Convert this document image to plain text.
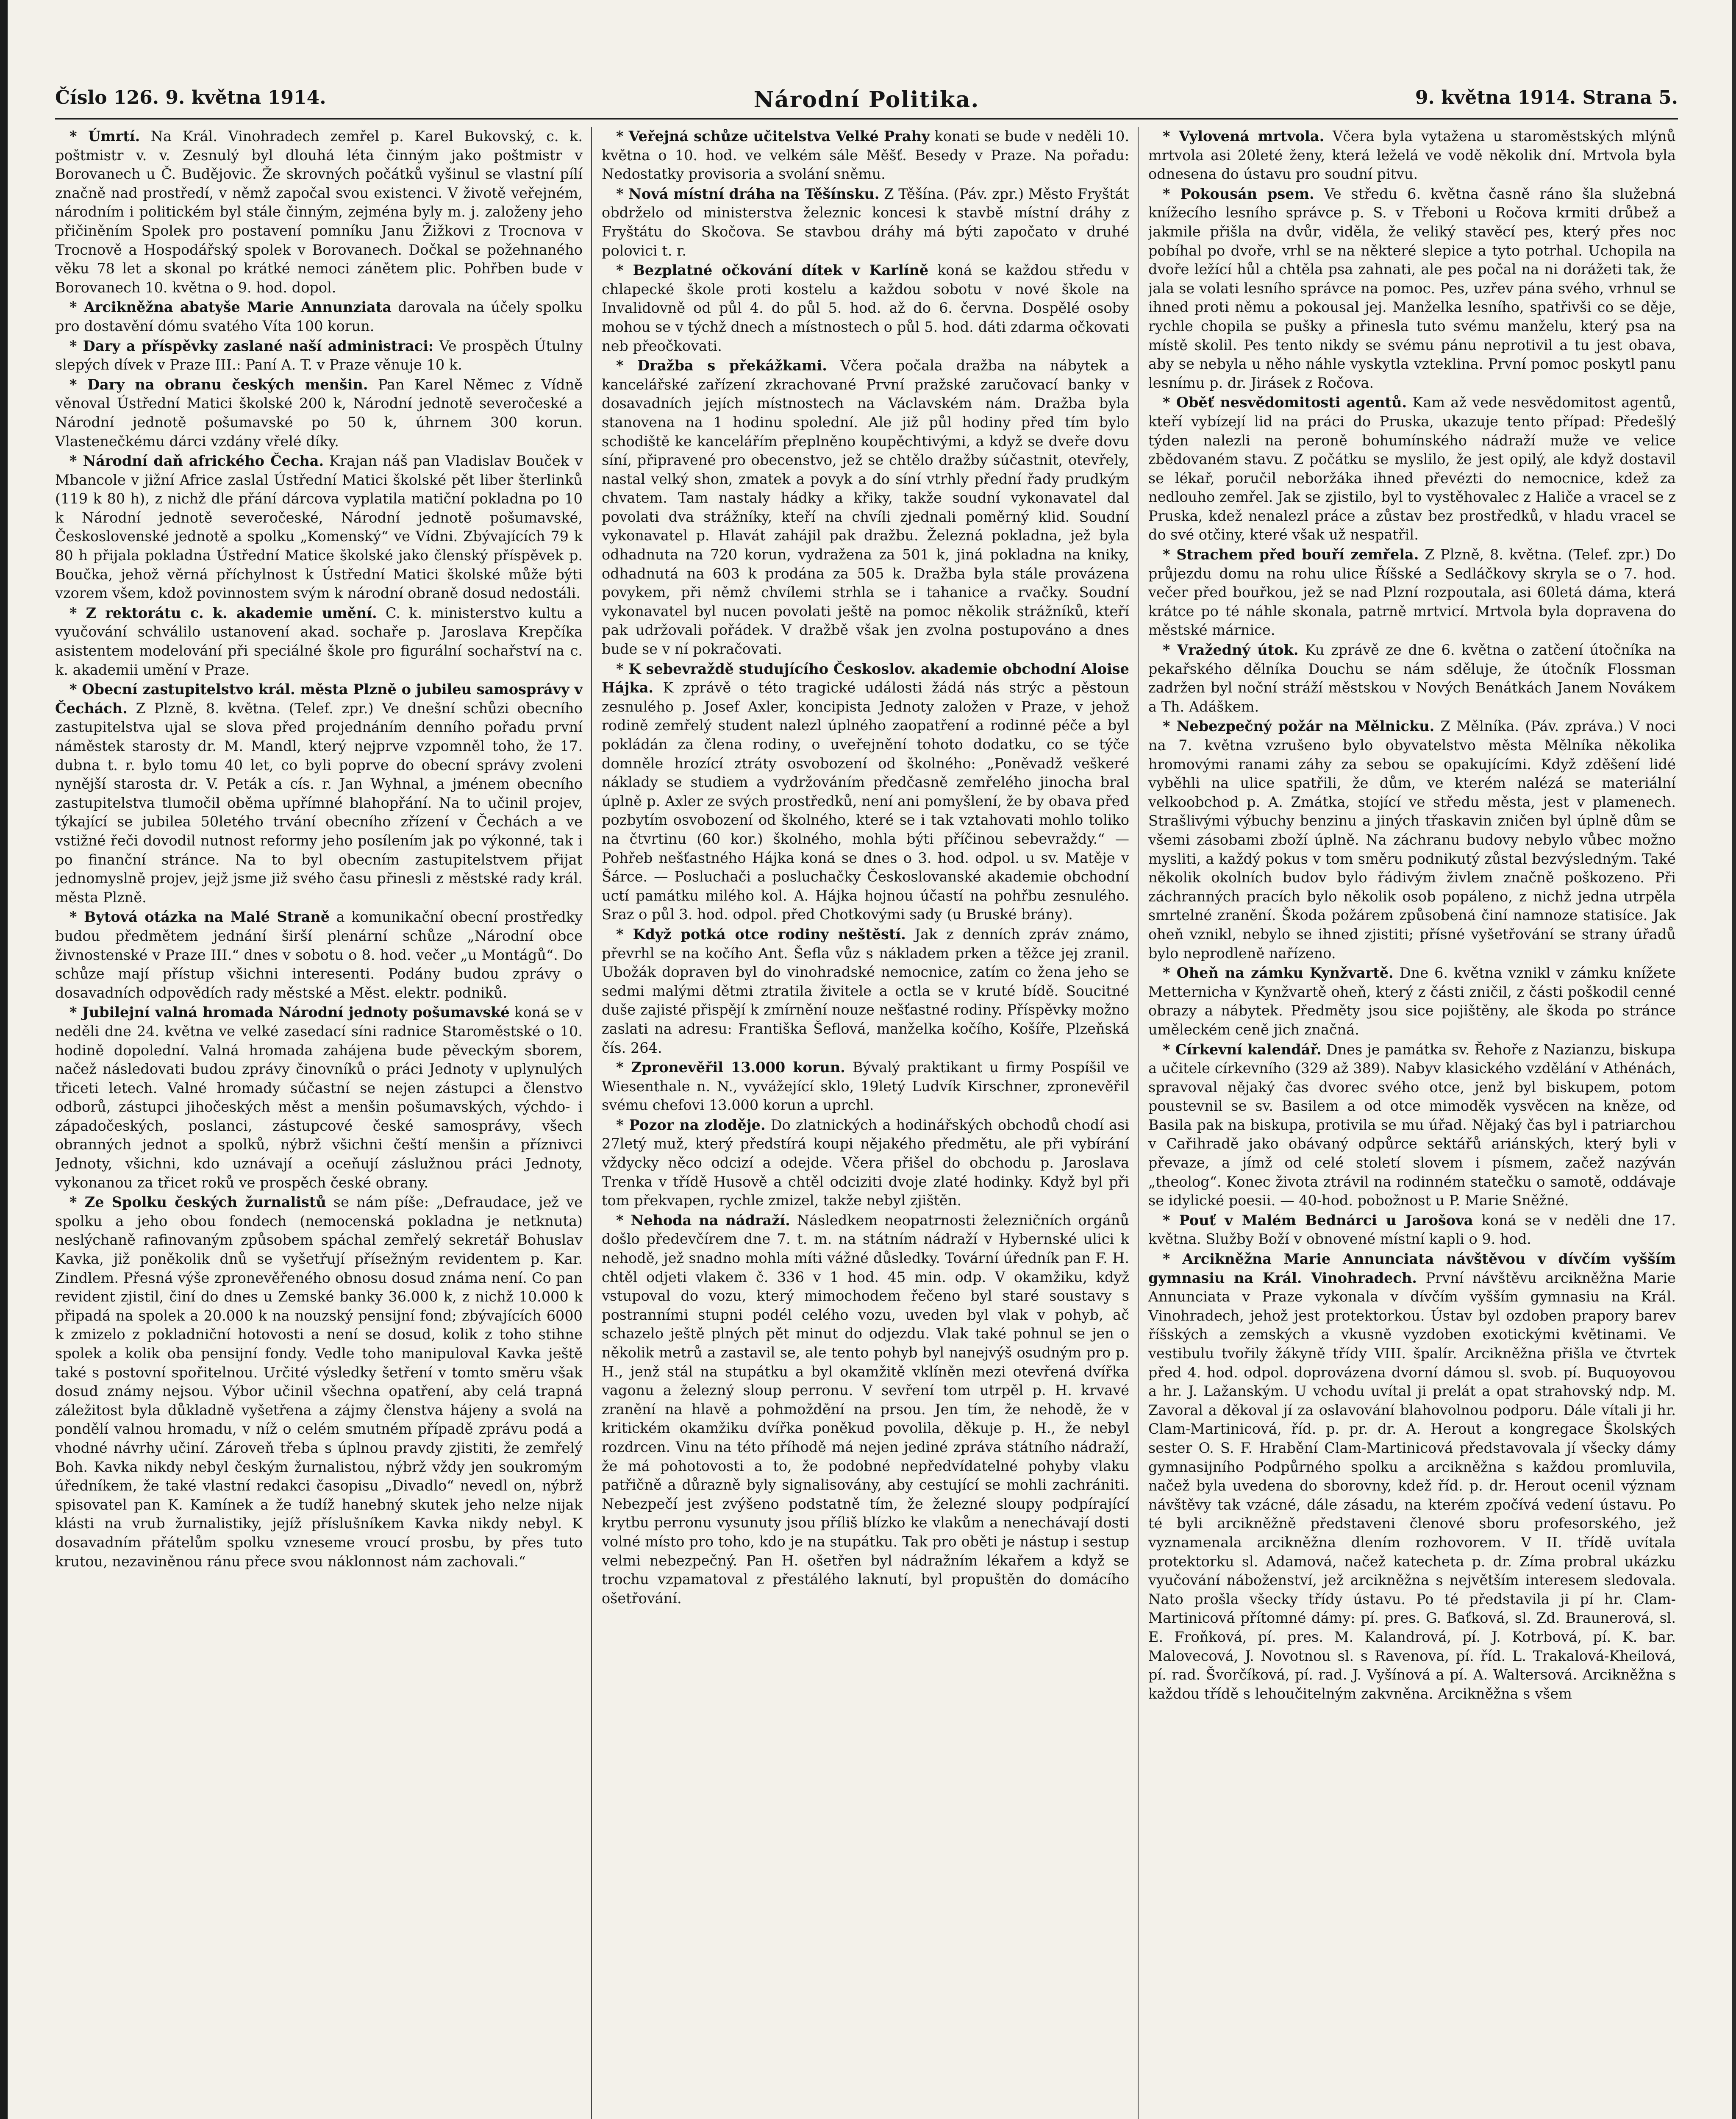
Národní Politika.
Číslo 126. 9. května 1914.	9. května 1914. Strana 5.

* Úmrtí. Na Král. Vinohradech zemřel p. Karel Bukovský, c. k. poštmistr v. v. Zesnulý byl dlouhá léta činným jako poštmistr v Borovanech u Č. Budějovic. Že skrovných počátků vyšinul se vlastní pílí značně nad prostředí, v němž započal svou existenci. V životě veřejném, národním i politickém byl stále činným, zejména byly m. j. založeny jeho přičiněním Spolek pro postavení pomníku Janu Žižkovi z Trocnova v Trocnově a Hospodářský spolek v Borovanech. Dočkal se požehnaného věku 78 let a skonal po krátké nemoci zánětem plic. Pohřben bude v Borovanech 10. května o 9. hod. dopol.

* Arcikněžna abatyše Marie Annunziata darovala na účely spolku pro dostavění dómu svatého Víta 100 korun.

* Dary a příspěvky zaslané naší administraci: Ve prospěch Útulny slepých dívek v Praze III.: Paní A. T. v Praze věnuje 10 k.

* Dary na obranu českých menšin. Pan Karel Němec z Vídně věnoval Ústřední Matici školské 200 k, Národní jednotě severočeské a Národní jednotě pošumavské po 50 k, úhrnem 300 korun. Vlastenečkému dárci vzdány vřelé díky.

* Národní daň afrického Čecha. Krajan náš pan Vladislav Bouček v Mbancole v jižní Africe zaslal Ústřední Matici školské pět liber šterlinků (119 k 80 h), z nichž dle přání dárcova vyplatila matiční pokladna po 10 k Národní jednotě severočeské, Národní jednotě pošumavské, Československé jednotě a spolku „Komenský“ ve Vídni. Zbývajících 79 k 80 h přijala pokladna Ústřední Matice školské jako členský příspěvek p. Boučka, jehož věrná příchylnost k Ústřední Matici školské může býti vzorem všem, kdož povinnostem svým k národní obraně dosud nedostáli.

* Z rektorátu c. k. akademie umění. C. k. ministerstvo kultu a vyučování schválilo ustanovení akad. sochaře p. Jaroslava Krepčíka asistentem modelování při speciálné škole pro figurální sochařství na c. k. akademii umění v Praze.

* Obecní zastupitelstvo král. města Plzně o jubileu samosprávy v Čechách. Z Plzně, 8. května. (Telef. zpr.) Ve dnešní schůzi obecního zastupitelstva ujal se slova před projednáním denního pořadu první náměstek starosty dr. M. Mandl, který nejprve vzpomněl toho, že 17. dubna t. r. bylo tomu 40 let, co byli poprve do obecní správy zvoleni nynější starosta dr. V. Peták a cís. r. Jan Wyhnal, a jménem obecního zastupitelstva tlumočil oběma upřímné blahopřání. Na to učinil projev, týkající se jubilea 50letého trvání obecního zřízení v Čechách a ve vstižné řeči dovodil nutnost reformy jeho posílením jak po výkonné, tak i po finanční stránce. Na to byl obecním zastupitelstvem přijat jednomyslně projev, jejž jsme již svého času přinesli z městské rady král. města Plzně.

* Bytová otázka na Malé Straně a komunikační obecní prostředky budou předmětem jednání širší plenární schůze „Národní obce živnostenské v Praze III.“ dnes v sobotu o 8. hod. večer „u Montágů“. Do schůze mají přístup všichni interesenti. Podány budou zprávy o dosavadních odpovědích rady městské a Měst. elektr. podniků.

* Jubilejní valná hromada Národní jednoty pošumavské koná se v neděli dne 24. května ve velké zasedací síni radnice Staroměstské o 10. hodině dopolední. Valná hromada zahájena bude pěveckým sborem, načež následovati budou zprávy činovníků o práci Jednoty v uplynulých třiceti letech. Valné hromady súčastní se nejen zástupci a členstvo odborů, zástupci jihočeských měst a menšin pošumavských, výchdo- i západočeských, poslanci, zástupcové české samosprávy, všech obranných jednot a spolků, nýbrž všichni čeští menšin a příznivci Jednoty, všichni, kdo uznávají a oceňují záslužnou práci Jednoty, vykonanou za třicet roků ve prospěch české obrany.

* Ze Spolku českých žurnalistů se nám píše: „Defraudace, jež ve spolku a jeho obou fondech (nemocenská pokladna je netknuta) neslýchaně rafinovaným způsobem spáchal zemřelý sekretář Bohuslav Kavka, již poněkolik dnů se vyšetřují přísežným revidentem p. Kar. Zindlem. Přesná výše zpronevěřeného obnosu dosud známa není. Co pan revident zjistil, činí do dnes u Zemské banky 36.000 k, z nichž 10.000 k připadá na spolek a 20.000 k na nouzský pensijní fond; zbývajících 6000 k zmizelo z pokladniční hotovosti a není se dosud, kolik z toho stihne spolek a kolik oba pensijní fondy. Vedle toho manipuloval Kavka ještě také s postovní spořitelnou. Určité výsledky šetření v tomto směru však dosud známy nejsou. Výbor učinil všechna opatření, aby celá trapná záležitost byla důkladně vyšetřena a zájmy členstva hájeny a svolá na pondělí valnou hromadu, v níž o celém smutném případě zprávu podá a vhodné návrhy učiní. Zároveň třeba s úplnou pravdy zjistiti, že zemřelý Boh. Kavka nikdy nebyl českým žurnalistou, nýbrž vždy jen soukromým úředníkem, že také vlastní redakci časopisu „Divadlo“ nevedl on, nýbrž spisovatel pan K. Kamínek a že tudíž hanebný skutek jeho nelze nijak klásti na vrub žurnalistiky, jejíž příslušníkem Kavka nikdy nebyl. K dosavadním přátelům spolku vzneseme vroucí prosbu, by přes tuto krutou, nezaviněnou ránu přece svou náklonnost nám zachovali.“

* Veřejná schůze učitelstva Velké Prahy konati se bude v neděli 10. května o 10. hod. ve velkém sále Měšť. Besedy v Praze. Na pořadu: Nedostatky provisoria a svolání sněmu.

* Nová místní dráha na Těšínsku. Z Těšína. (Páv. zpr.) Město Fryštát obdrželo od ministerstva železnic koncesi k stavbě místní dráhy z Fryštátu do Skočova. Se stavbou dráhy má býti započato v druhé polovici t. r.

* Bezplatné očkování dítek v Karlíně koná se každou středu v chlapecké škole proti kostelu a každou sobotu v nové škole na Invalidovně od půl 4. do půl 5. hod. až do 6. června. Dospělé osoby mohou se v týchž dnech a místnostech o půl 5. hod. dáti zdarma očkovati neb přeočkovati.

* Dražba s překážkami. Včera počala dražba na nábytek a kancelářské zařízení zkrachované První pražské zaručovací banky v dosavadních jejích místnostech na Václavském nám. Dražba byla stanovena na 1 hodinu spolední. Ale již půl hodiny před tím bylo schodiště ke kancelářím přeplněno koupěchtivými, a když se dveře dovu síní, připravené pro obecenstvo, jež se chtělo dražby súčastnit, otevřely, nastal velký shon, zmatek a povyk a do síní vtrhly přední řady prudkým chvatem. Tam nastaly hádky a křiky, takže soudní vykonavatel dal povolati dva strážníky, kteří na chvíli zjednali poměrný klid. Soudní vykonavatel p. Hlavát zahájil pak dražbu. Železná pokladna, jež byla odhadnuta na 720 korun, vydražena za 501 k, jiná pokladna na kniky, odhadnutá na 603 k prodána za 505 k. Dražba byla stále provázena povykem, při němž chvílemi strhla se i tahanice a rvačky. Soudní vykonavatel byl nucen povolati ještě na pomoc několik strážníků, kteří pak udržovali pořádek. V dražbě však jen zvolna postupováno a dnes bude se v ní pokračovati.

* K sebevraždě studujícího Českoslov. akademie obchodní Aloise Hájka. K zprávě o této tragické události žádá nás strýc a pěstoun zesnulého p. Josef Axler, koncipista Jednoty založen v Praze, v jehož rodině zemřelý student nalezl úplného zaopatření a rodinné péče a byl pokládán za člena rodiny, o uveřejnění tohoto dodatku, co se týče domněle hrozící ztráty osvobození od školného: „Poněvadž veškeré náklady se studiem a vydržováním předčasně zemřelého jinocha bral úplně p. Axler ze svých prostředků, není ani pomyšlení, že by obava před pozbytím osvobození od školného, které se i tak vztahovati mohlo toliko na čtvrtinu (60 kor.) školného, mohla býti příčinou sebevraždy.“ — Pohřeb nešťastného Hájka koná se dnes o 3. hod. odpol. u sv. Matěje v Šárce. — Posluchači a posluchačky Českoslovanské akademie obchodní uctí památku milého kol. A. Hájka hojnou účastí na pohřbu zesnulého. Sraz o půl 3. hod. odpol. před Chotkovými sady (u Bruské brány).

* Když potká otce rodiny neštěstí. Jak z denních zpráv známo, převrhl se na kočího Ant. Šefla vůz s nákladem prken a těžce jej zranil. Ubožák dopraven byl do vinohradské nemocnice, zatím co žena jeho se sedmi malými dětmi ztratila živitele a octla se v kruté bídě. Soucitné duše zajisté přispějí k zmírnění nouze nešťastné rodiny. Příspěvky možno zaslati na adresu: Františka Šeflová, manželka kočího, Košíře, Plzeňská čís. 264.

* Zpronevěřil 13.000 korun. Bývalý praktikant u firmy Pospíšil ve Wiesenthale n. N., vyvážející sklo, 19letý Ludvík Kirschner, zpronevěřil svému chefovi 13.000 korun a uprchl.

* Pozor na zloděje. Do zlatnických a hodinářských obchodů chodí asi 27letý muž, který předstírá koupi nějakého předmětu, ale při vybírání vždycky něco odcizí a odejde. Včera přišel do obchodu p. Jaroslava Trenka v třídě Husově a chtěl odciziti dvoje zlaté hodinky. Když byl při tom překvapen, rychle zmizel, takže nebyl zjištěn.

* Nehoda na nádraží. Následkem neopatrnosti železničních orgánů došlo předevčírem dne 7. t. m. na státním nádraží v Hybernské ulici k nehodě, jež snadno mohla míti vážné důsledky. Tovární úředník pan F. H. chtěl odjeti vlakem č. 336 v 1 hod. 45 min. odp. V okamžiku, když vstupoval do vozu, který mimochodem řečeno byl staré soustavy s postranními stupni podél celého vozu, uveden byl vlak v pohyb, ač schazelo ještě plných pět minut do odjezdu. Vlak také pohnul se jen o několik metrů a zastavil se, ale tento pohyb byl nanejvýš osudným pro p. H., jenž stál na stupátku a byl okamžitě vklíněn mezi otevřená dvířka vagonu a železný sloup perronu. V sevření tom utrpěl p. H. krvavé zranění na hlavě a pohmoždění na prsou. Jen tím, že nehodě, že v kritickém okamžiku dvířka poněkud povolila, děkuje p. H., že nebyl rozdrcen. Vinu na této příhodě má nejen jediné zpráva státního nádraží, že má pohotovosti a to, že podobné nepředvídatelné pohyby vlaku patřičně a důrazně byly signalisovány, aby cestující se mohli zachrániti. Nebezpečí jest zvýšeno podstatně tím, že železné sloupy podpírající krytbu perronu vysunuty jsou příliš blízko ke vlakům a nenechávají dosti volné místo pro toho, kdo je na stupátku. Tak pro oběti je nástup i sestup velmi nebezpečný. Pan H. ošetřen byl nádražním lékařem a když se trochu vzpamatoval z přestálého laknutí, byl propuštěn do domácího ošetřování.

* Vylovená mrtvola. Včera byla vytažena u staroměstských mlýnů mrtvola asi 20leté ženy, která leželá ve vodě několik dní. Mrtvola byla odnesena do ústavu pro soudní pitvu.

* Pokousán psem. Ve středu 6. května časně ráno šla služebná knížecího lesního správce p. S. v Třeboni u Ročova krmiti drůbež a jakmile přišla na dvůr, viděla, že veliký stavěcí pes, který přes noc pobíhal po dvoře, vrhl se na některé slepice a tyto potrhal. Uchopila na dvoře ležící hůl a chtěla psa zahnati, ale pes počal na ni dorážeti tak, že jala se volati lesního správce na pomoc. Pes, uzřev pána svého, vrhnul se ihned proti němu a pokousal jej. Manželka lesního, spatřivši co se děje, rychle chopila se pušky a přinesla tuto svému manželu, který psa na místě skolil. Pes tento nikdy se svému pánu neprotivil a tu jest obava, aby se nebyla u něho náhle vyskytla vzteklina. První pomoc poskytl panu lesnímu p. dr. Jirásek z Ročova.

* Oběť nesvědomitosti agentů. Kam až vede nesvědomitost agentů, kteří vybízejí lid na práci do Pruska, ukazuje tento případ: Předešlý týden nalezli na peroně bohumínského nádraží muže ve velice zbědovaném stavu. Z počátku se myslilo, že jest opilý, ale když dostavil se lékař, poručil neboržáka ihned převézti do nemocnice, kdež za nedlouho zemřel. Jak se zjistilo, byl to vystěhovalec z Haliče a vracel se z Pruska, kdež nenalezl práce a zůstav bez prostředků, v hladu vracel se do své otčiny, které však už nespatřil.

* Strachem před bouří zemřela. Z Plzně, 8. května. (Telef. zpr.) Do průjezdu domu na rohu ulice Říšské a Sedláčkovy skryla se o 7. hod. večer před bouřkou, jež se nad Plzní rozpoutala, asi 60letá dáma, která krátce po té náhle skonala, patrně mrtvicí. Mrtvola byla dopravena do městské márnice.

* Vražedný útok. Ku zprávě ze dne 6. května o zatčení útočníka na pekařského dělníka Douchu se nám sděluje, že útočník Flossman zadržen byl noční stráží městskou v Nových Benátkách Janem Novákem a Th. Adáškem.

* Nebezpečný požár na Mělnicku. Z Mělníka. (Páv. zpráva.) V noci na 7. května vzrušeno bylo obyvatelstvo města Mělníka několika hromovými ranami záhy za sebou se opakujícími. Když zděšení lidé vyběhli na ulice spatřili, že dům, ve kterém nalézá se materiální velkoobchod p. A. Zmátka, stojící ve středu města, jest v plamenech. Strašlivými výbuchy benzinu a jiných třaskavin zničen byl úplně dům se všemi zásobami zboží úplně. Na záchranu budovy nebylo vůbec možno mysliti, a každý pokus v tom směru podnikutý zůstal bezvýsledným. Také několik okolních budov bylo řádivým živlem značně poškozeno. Při záchranných pracích bylo několik osob popáleno, z nichž jedna utrpěla smrtelné zranění. Škoda požárem způsobená činí namnoze statisíce. Jak oheň vznikl, nebylo se ihned zjistiti; přísné vyšetřování se strany úřadů bylo neprodleně nařízeno.

* Oheň na zámku Kynžvartě. Dne 6. května vznikl v zámku knížete Metternicha v Kynžvartě oheň, který z části zničil, z části poškodil cenné obrazy a nábytek. Předměty jsou sice pojištěny, ale škoda po stránce uměleckém ceně jich značná.

* Církevní kalendář. Dnes je památka sv. Řehoře z Nazianzu, biskupa a učitele církevního (329 až 389). Nabyv klasického vzdělání v Athénách, spravoval nějaký čas dvorec svého otce, jenž byl biskupem, potom poustevnil se sv. Basilem a od otce mimoděk vysvěcen na kněze, od Basila pak na biskupa, protivila se mu úřad. Nějaký čas byl i patriarchou v Cařihradě jako obávaný odpůrce sektářů ariánských, který byli v převaze, a jímž od celé století slovem i písmem, začež nazýván „theolog“. Konec života ztrávil na rodinném statečku o samotě, oddávaje se idylické poesii. — 40-hod. pobožnost u P. Marie Sněžné.

* Pouť v Malém Bednárci u Jarošova koná se v neděli dne 17. května. Služby Boží v obnovené místní kapli o 9. hod.

* Arcikněžna Marie Annunciata návštěvou v dívčím vyšším gymnasiu na Král. Vinohradech. První návštěvu arcikněžna Marie Annunciata v Praze vykonala v dívčím vyšším gymnasiu na Král. Vinohradech, jehož jest protektorkou. Ústav byl ozdoben prapory barev říšských a zemských a vkusně vyzdoben exotickými květinami. Ve vestibulu tvořily žákyně třídy VIII. špalír. Arcikněžna přišla ve čtvrtek před 4. hod. odpol. doprovázena dvorní dámou sl. svob. pí. Buquoyovou a hr. J. Lažanským. U vchodu uvítal ji prelát a opat strahovský ndp. M. Zavoral a děkoval jí za oslavování blahovolnou podporu. Dále vítali ji hr. Clam-Martinicová, říd. p. pr. dr. A. Herout a kongregace Školských sester O. S. F. Hrabění Clam-Martinicová představovala jí všecky dámy gymnasijního Podpůrného spolku a arcikněžna s každou promluvila, načež byla uvedena do sborovny, kdež říd. p. dr. Herout ocenil význam návštěvy tak vzácné, dále zásadu, na kterém zpočívá vedení ústavu. Po té byli arcikněžně představeni členové sboru profesorského, jež vyznamenala arcikněžna dlením rozhovorem. V II. třídě uvítala protektorku sl. Adamová, načež katecheta p. dr. Zíma probral ukázku vyučování náboženství, jež arcikněžna s největším interesem sledovala. Nato prošla všecky třídy ústavu. Po té představila ji pí hr. Clam-Martinicová přítomné dámy: pí. pres. G. Baťková, sl. Zd. Braunerová, sl. E. Froňková, pí. pres. M. Kalandrová, pí. J. Kotrbová, pí. K. bar. Malovecová, J. Novotnou sl. s Ravenova, pí. říd. L. Trakalová-Kheilová, pí. rad. Švorčíková, pí. rad. J. Vyšínová a pí. A. Waltersová. Arcikněžna s každou třídě s lehoučitelným zakvněna. Arcikněžna s všem
